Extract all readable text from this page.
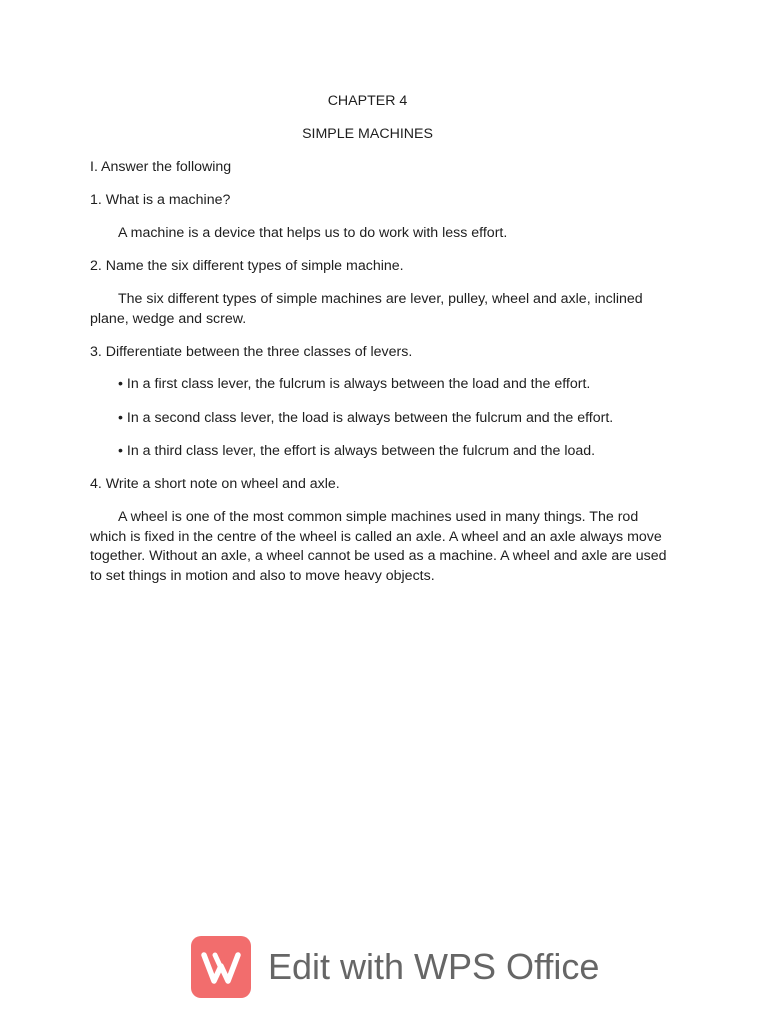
CHAPTER 4
SIMPLE MACHINES
I. Answer the following
1. What is a machine?
A machine is a device that helps us to do work with less effort.
2. Name the six different types of simple machine.
The six different types of simple machines are lever, pulley, wheel and axle, inclined plane, wedge and screw.
3. Differentiate between the three classes of levers.
• In a first class lever, the fulcrum is always between the load and the effort.
• In a second class lever, the load is always between the fulcrum and the effort.
• In a third class lever, the effort is always between the fulcrum and the load.
4. Write a short note on wheel and axle.
A wheel is one of the most common simple machines used in many things. The rod which is fixed in the centre of the wheel is called an axle. A wheel and an axle always move together. Without an axle, a wheel cannot be used as a machine. A wheel and axle are used to set things in motion and also to move heavy objects.
Edit with WPS Office
